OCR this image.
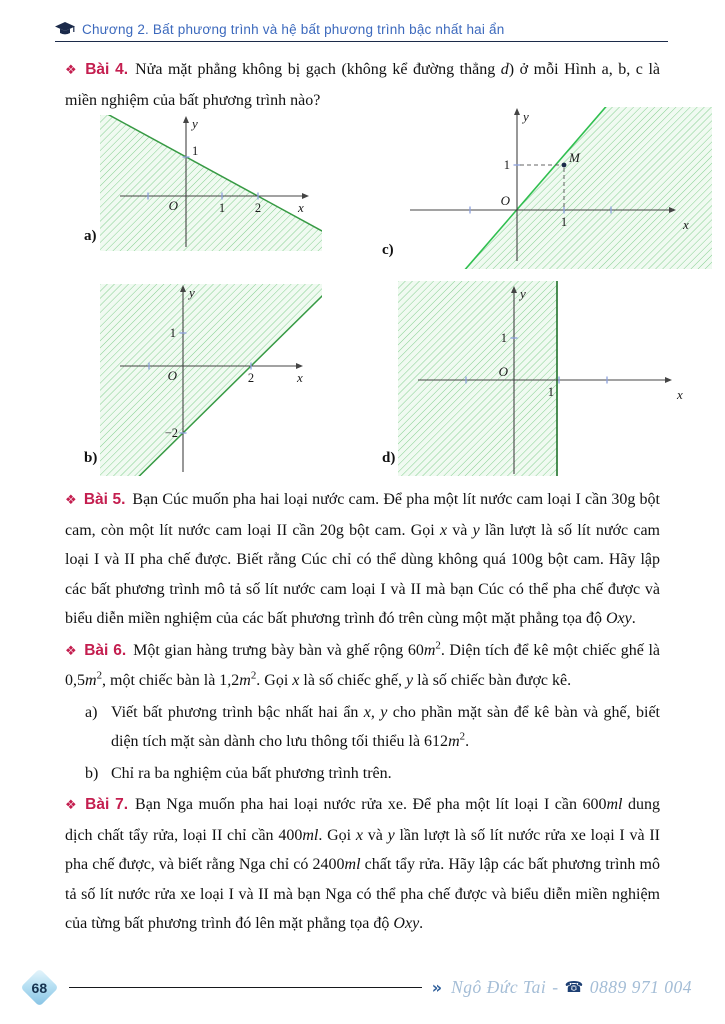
Chương 2. Bất phương trình và hệ bất phương trình bậc nhất hai ẩn

❖ Bài 4. Nửa mặt phẳng không bị gạch (không kể đường thẳng d) ở mỗi Hình a, b, c là miền nghiệm của bất phương trình nào?

1
O	1 2
y
x
a)
M
1
1
O
y
x
c)
1
−2
2
O
y
x
b)
1
1
O
y
x
d)

❖ Bài 5. Bạn Cúc muốn pha hai loại nước cam. Để pha một lít nước cam loại I cần 30g bột cam, còn một lít nước cam loại II cần 20g bột cam. Gọi x và y lần lượt là số lít nước cam loại I và II pha chế được. Biết rằng Cúc chỉ có thể dùng không quá 100g bột cam. Hãy lập các bất phương trình mô tả số lít nước cam loại I và II mà bạn Cúc có thể pha chế được và biểu diễn miền nghiệm của các bất phương trình đó trên cùng một mặt phẳng tọa độ Oxy.

❖ Bài 6. Một gian hàng trưng bày bàn và ghế rộng $60m^2$. Diện tích để kê một chiếc ghế là $0,5m^2$, một chiếc bàn là $1,2m^2$. Gọi x là số chiếc ghế, y là số chiếc bàn được kê.

a) Viết bất phương trình bậc nhất hai ẩn x, y cho phần mặt sàn để kê bàn và ghế, biết diện tích mặt sàn dành cho lưu thông tối thiểu là $612m^2$.

b) Chỉ ra ba nghiệm của bất phương trình trên.

❖ Bài 7. Bạn Nga muốn pha hai loại nước rửa xe. Để pha một lít loại I cần 600ml dung dịch chất tẩy rửa, loại II chỉ cần 400ml. Gọi x và y lần lượt là số lít nước rửa xe loại I và II pha chế được, và biết rằng Nga chỉ có 2400ml chất tẩy rửa. Hãy lập các bất phương trình mô tả số lít nước rửa xe loại I và II mà bạn Nga có thể pha chế được và biểu diễn miền nghiệm của từng bất phương trình đó lên mặt phẳng tọa độ Oxy.

68	» Ngô Đức Tai - ☎ 0889 971 004
